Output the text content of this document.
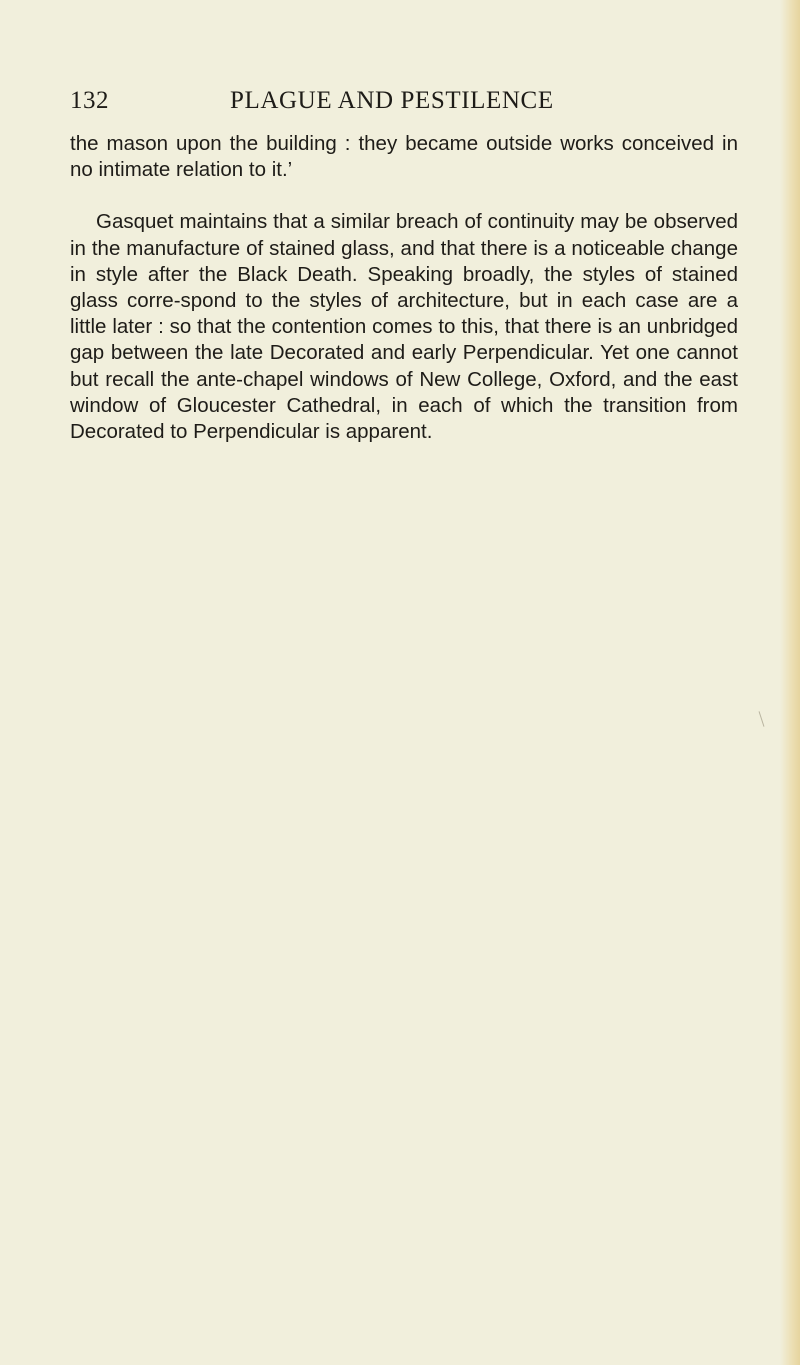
132	PLAGUE AND PESTILENCE

the mason upon the building : they became outside works conceived in no intimate relation to it.’

Gasquet maintains that a similar breach of continuity may be observed in the manufacture of stained glass, and that there is a noticeable change in style after the Black Death. Speaking broadly, the styles of stained glass corre-spond to the styles of architecture, but in each case are a little later : so that the contention comes to this, that there is an unbridged gap between the late Decorated and early Perpendicular. Yet one cannot but recall the ante-chapel windows of New College, Oxford, and the east window of Gloucester Cathedral, in each of which the transition from Decorated to Perpendicular is apparent.
